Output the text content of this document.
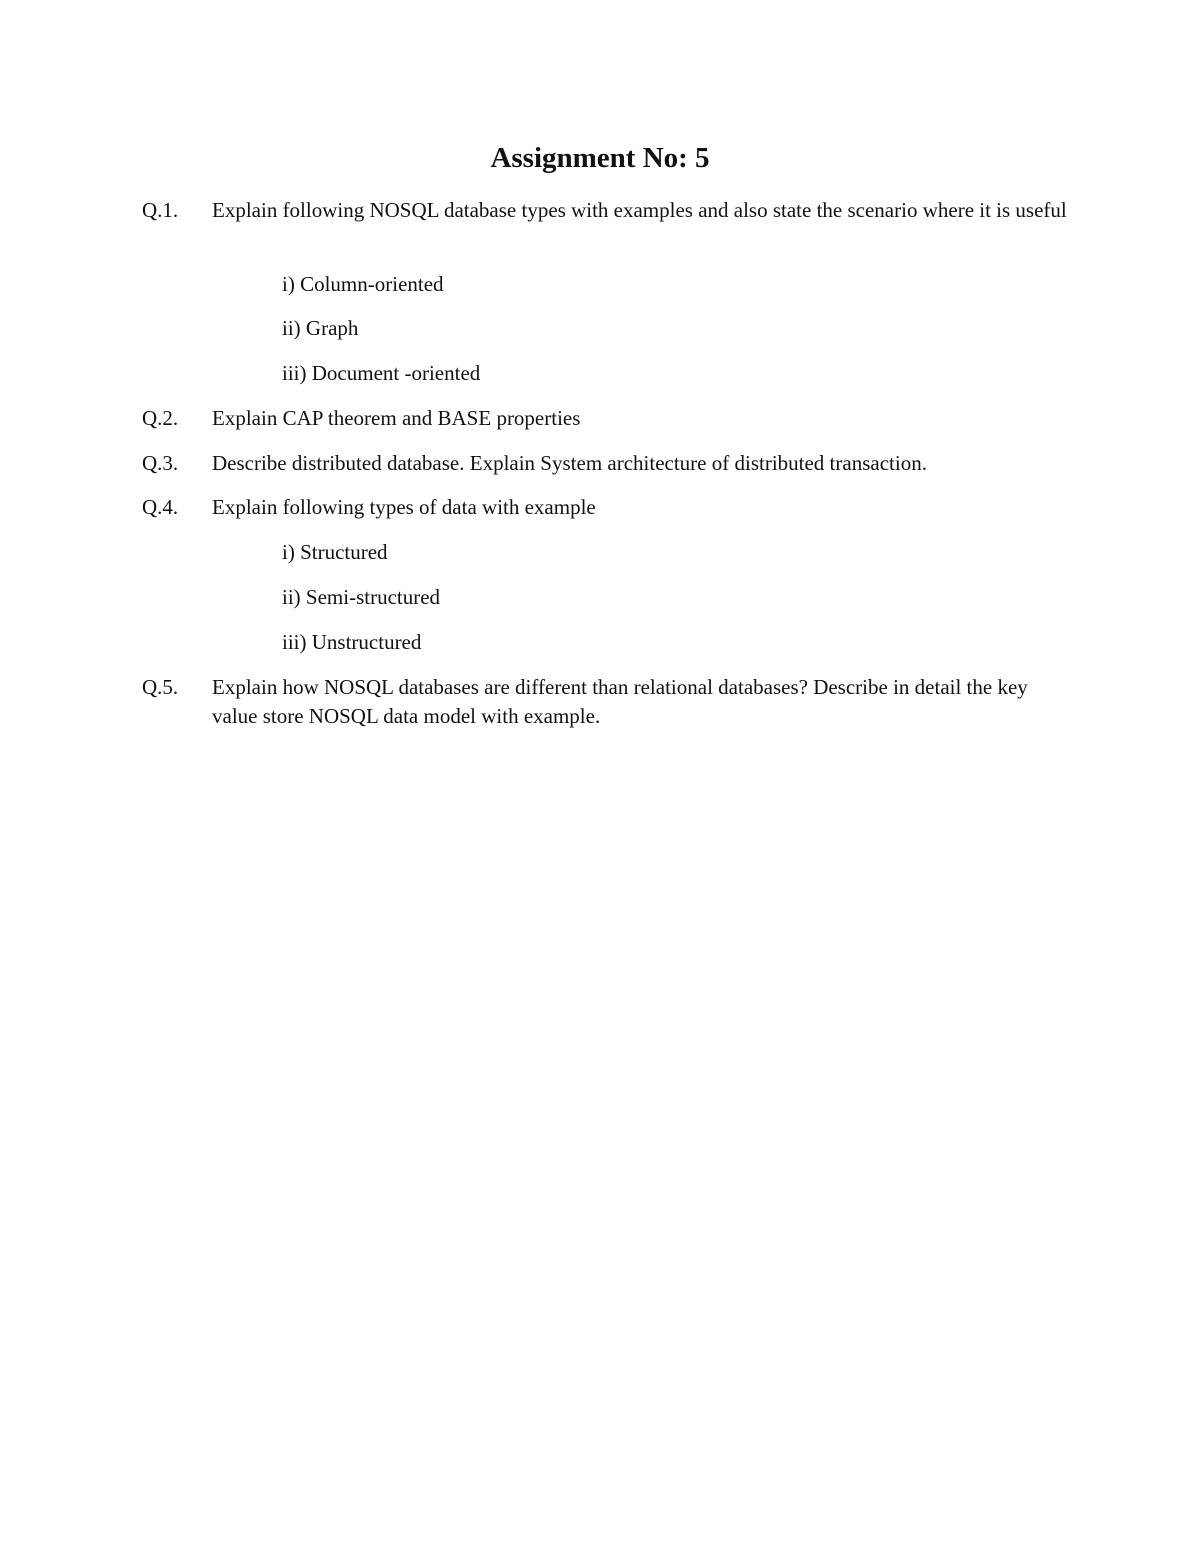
Assignment No: 5
Q.1.	Explain following NOSQL database types with examples and also state the scenario where it is useful
i) Column-oriented
ii) Graph
iii) Document -oriented
Q.2.	Explain CAP theorem and BASE properties
Q.3.	Describe distributed database. Explain System architecture of distributed transaction.
Q.4.	Explain following types of data with example
i) Structured
ii) Semi-structured
iii) Unstructured
Q.5.	Explain how NOSQL databases are different than relational databases? Describe in detail the key value store NOSQL data model with example.
